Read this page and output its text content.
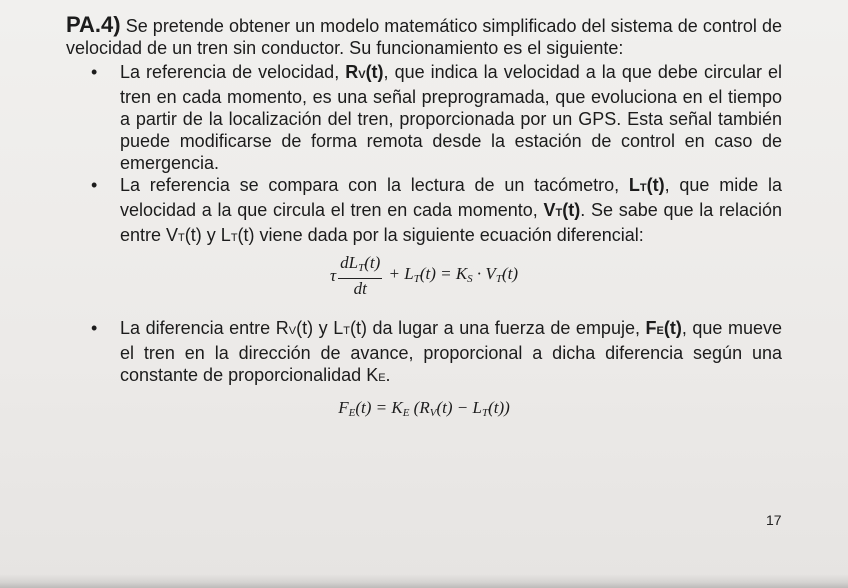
PA.4) Se pretende obtener un modelo matemático simplificado del sistema de control de velocidad de un tren sin conductor. Su funcionamiento es el siguiente:

• La referencia de velocidad, RV(t), que indica la velocidad a la que debe circular el tren en cada momento, es una señal preprogramada, que evoluciona en el tiempo a partir de la localización del tren, proporcionada por un GPS. Esta señal también puede modificarse de forma remota desde la estación de control en caso de emergencia.
• La referencia se compara con la lectura de un tacómetro, LT(t), que mide la velocidad a la que circula el tren en cada momento, VT(t). Se sabe que la relación entre VT(t) y LT(t) viene dada por la siguiente ecuación diferencial:
τ $\frac{\text{dLT(t)}}{dt} + LT(t)$ = KS · VT(t)
• La diferencia entre RV(t) y LT(t) da lugar a una fuerza de empuje, FE(t), que mueve el tren en la dirección de avance, proporcional a dicha diferencia según una constante de proporcionalidad KE.

FE(t) = KE (RV(t) − LT(t))

17
